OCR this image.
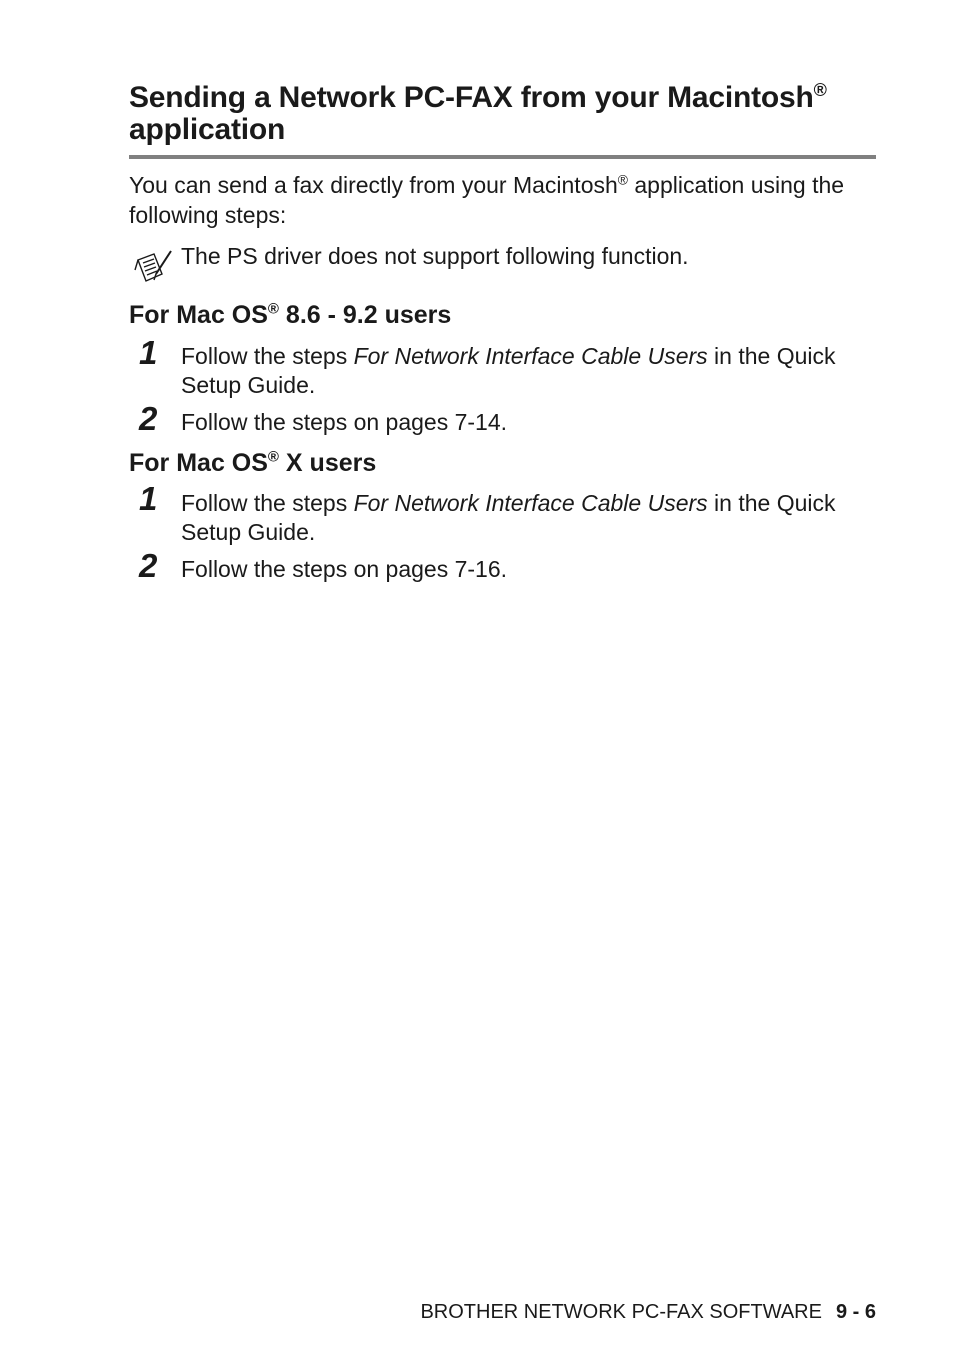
Sending a Network PC-FAX from your Macintosh®
application

You can send a fax directly from your Macintosh® application using the following steps:

The PS driver does not support following function.

For Mac OS® 8.6 - 9.2 users
1 Follow the steps For Network Interface Cable Users in the Quick Setup Guide.

2 Follow the steps on pages 7-14.

For Mac OS® X users
1 Follow the steps For Network Interface Cable Users in the Quick Setup Guide.

2 Follow the steps on pages 7-16.

BROTHER NETWORK PC-FAX SOFTWARE 9 - 6
